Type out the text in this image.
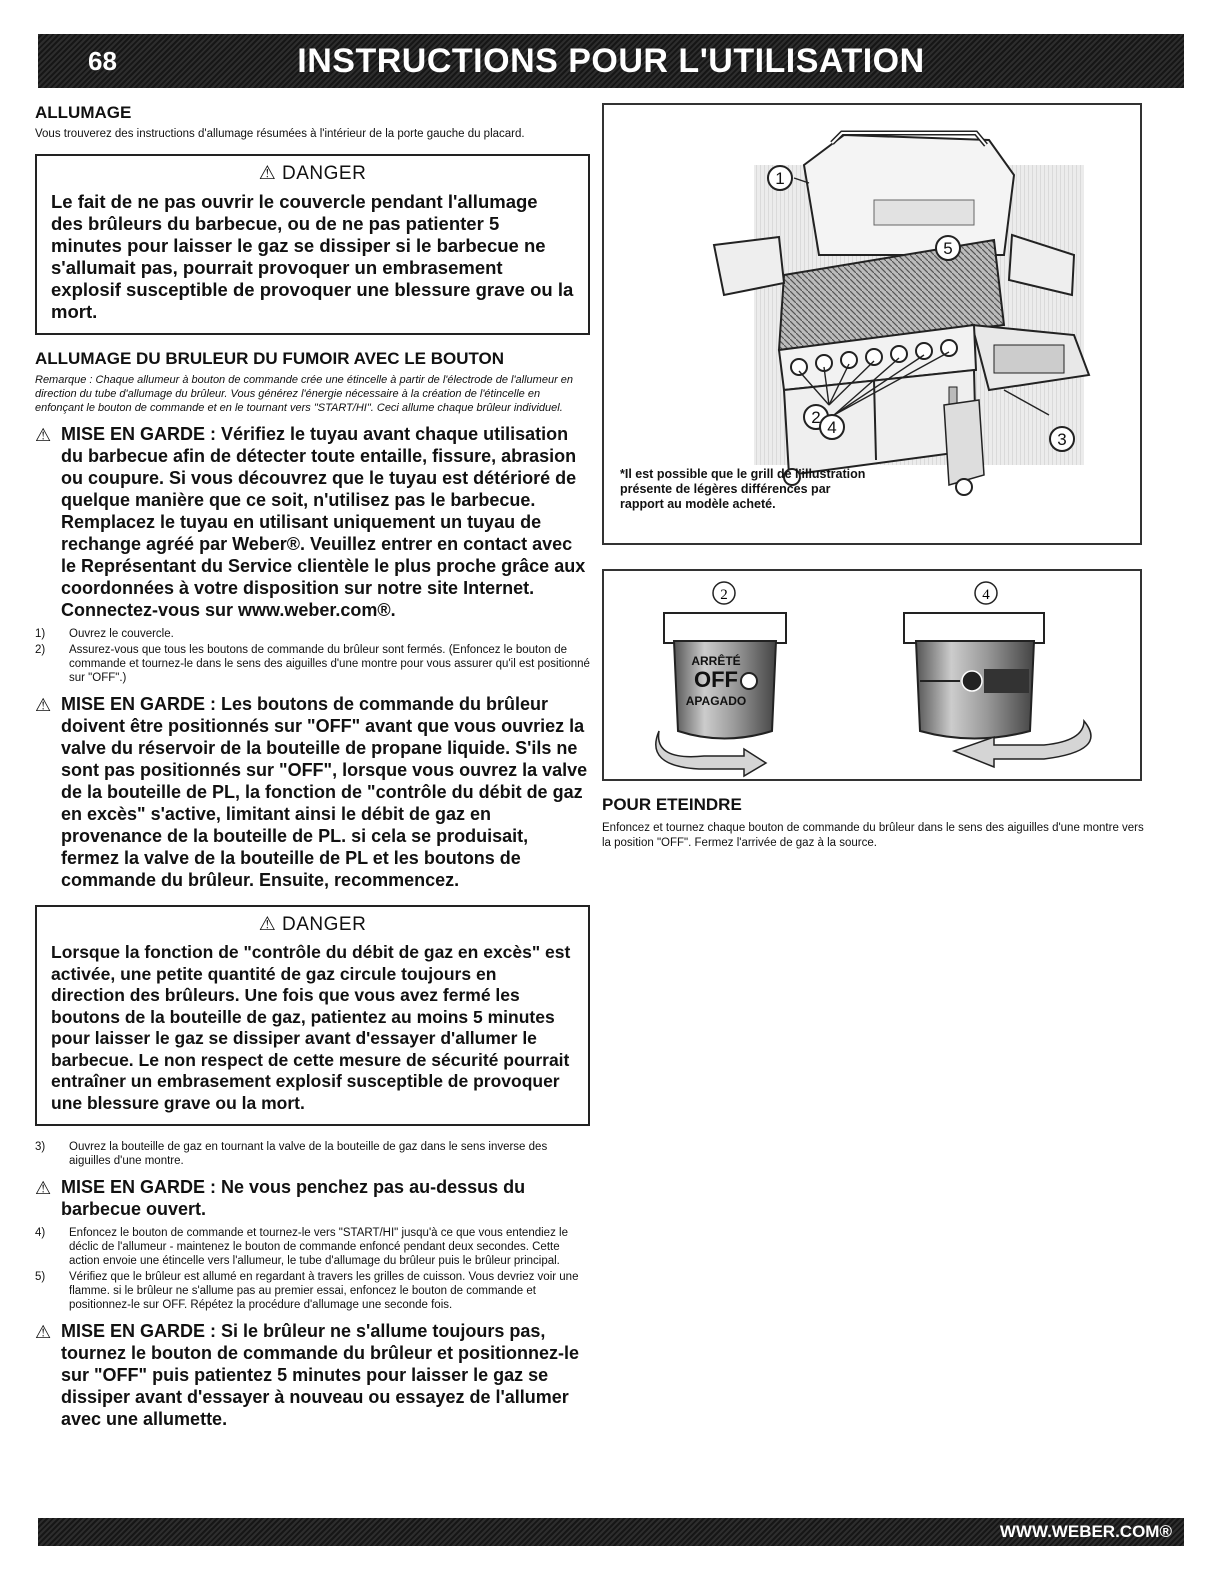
68	INSTRUCTIONS POUR L'UTILISATION
ALLUMAGE

Vous trouverez des instructions d'allumage résumées à l'intérieur de la porte gauche du placard.

⚠ DANGER

Le fait de ne pas ouvrir le couvercle pendant l'allumage des brûleurs du barbecue, ou de ne pas patienter 5 minutes pour laisser le gaz se dissiper si le barbecue ne s'allumait pas, pourrait provoquer un embrasement explosif susceptible de provoquer une blessure grave ou la mort.

ALLUMAGE DU BRULEUR DU FUMOIR AVEC LE BOUTON

Remarque : Chaque allumeur à bouton de commande crée une étincelle à partir de l'électrode de l'allumeur en direction du tube d'allumage du brûleur. Vous générez l'énergie nécessaire à la création de l'étincelle en enfonçant le bouton de commande et en le tournant vers "START/HI". Ceci allume chaque brûleur individuel.

⚠ MISE EN GARDE : Vérifiez le tuyau avant chaque utilisation du barbecue afin de détecter toute entaille, fissure, abrasion ou coupure. Si vous découvrez que le tuyau est détérioré de quelque manière que ce soit, n'utilisez pas le barbecue. Remplacez le tuyau en utilisant uniquement un tuyau de rechange agréé par Weber®. Veuillez entrer en contact avec le Représentant du Service clientèle le plus proche grâce aux coordonnées à votre disposition sur notre site Internet. Connectez-vous sur www.weber.com®.
1) Ouvrez le couvercle.
2) Assurez-vous que tous les boutons de commande du brûleur sont fermés. (Enfoncez le bouton de commande et tournez-le dans le sens des aiguilles d'une montre pour vous assurer qu'il est positionné sur "OFF".)
⚠ MISE EN GARDE : Les boutons de commande du brûleur doivent être positionnés sur "OFF" avant que vous ouvriez la valve du réservoir de la bouteille de propane liquide. S'ils ne sont pas positionnés sur "OFF", lorsque vous ouvrez la valve de la bouteille de PL, la fonction de "contrôle du débit de gaz en excès" s'active, limitant ainsi le débit de gaz en provenance de la bouteille de PL. si cela se produisait, fermez la valve de la bouteille de PL et les boutons de commande du brûleur. Ensuite, recommencez.
⚠ DANGER

Lorsque la fonction de "contrôle du débit de gaz en excès" est activée, une petite quantité de gaz circule toujours en direction des brûleurs. Une fois que vous avez fermé les boutons de la bouteille de gaz, patientez au moins 5 minutes pour laisser le gaz se dissiper avant d'essayer d'allumer le barbecue. Le non respect de cette mesure de sécurité pourrait entraîner un embrasement explosif susceptible de provoquer une blessure grave ou la mort.

3) Ouvrez la bouteille de gaz en tournant la valve de la bouteille de gaz dans le sens inverse des aiguilles d'une montre.
⚠ MISE EN GARDE : Ne vous penchez pas au-dessus du barbecue ouvert.
4) Enfoncez le bouton de commande et tournez-le vers "START/HI" jusqu'à ce que vous entendiez le déclic de l'allumeur - maintenez le bouton de commande enfoncé pendant deux secondes. Cette action envoie une étincelle vers l'allumeur, le tube d'allumage du brûleur puis le brûleur principal.
5) Vérifiez que le brûleur est allumé en regardant à travers les grilles de cuisson. Vous devriez voir une flamme. si le brûleur ne s'allume pas au premier essai, enfoncez le bouton de commande et positionnez-le sur OFF. Répétez la procédure d'allumage une seconde fois.
⚠ MISE EN GARDE : Si le brûleur ne s'allume toujours pas, tournez le bouton de commande du brûleur et positionnez-le sur "OFF" puis patientez 5 minutes pour laisser le gaz se dissiper avant d'essayer à nouveau ou essayez de l'allumer avec une allumette.
1
5
2
4
3
*Il est possible que le grill de l'illustration présente de légères différences par rapport au modèle acheté.
2
ARRÊTÉ
OFF
APAGADO
4
POUR ETEINDRE

Enfoncez et tournez chaque bouton de commande du brûleur dans le sens des aiguilles d'une montre vers la position "OFF". Fermez l'arrivée de gaz à la source.

WWW.WEBER.COM®
